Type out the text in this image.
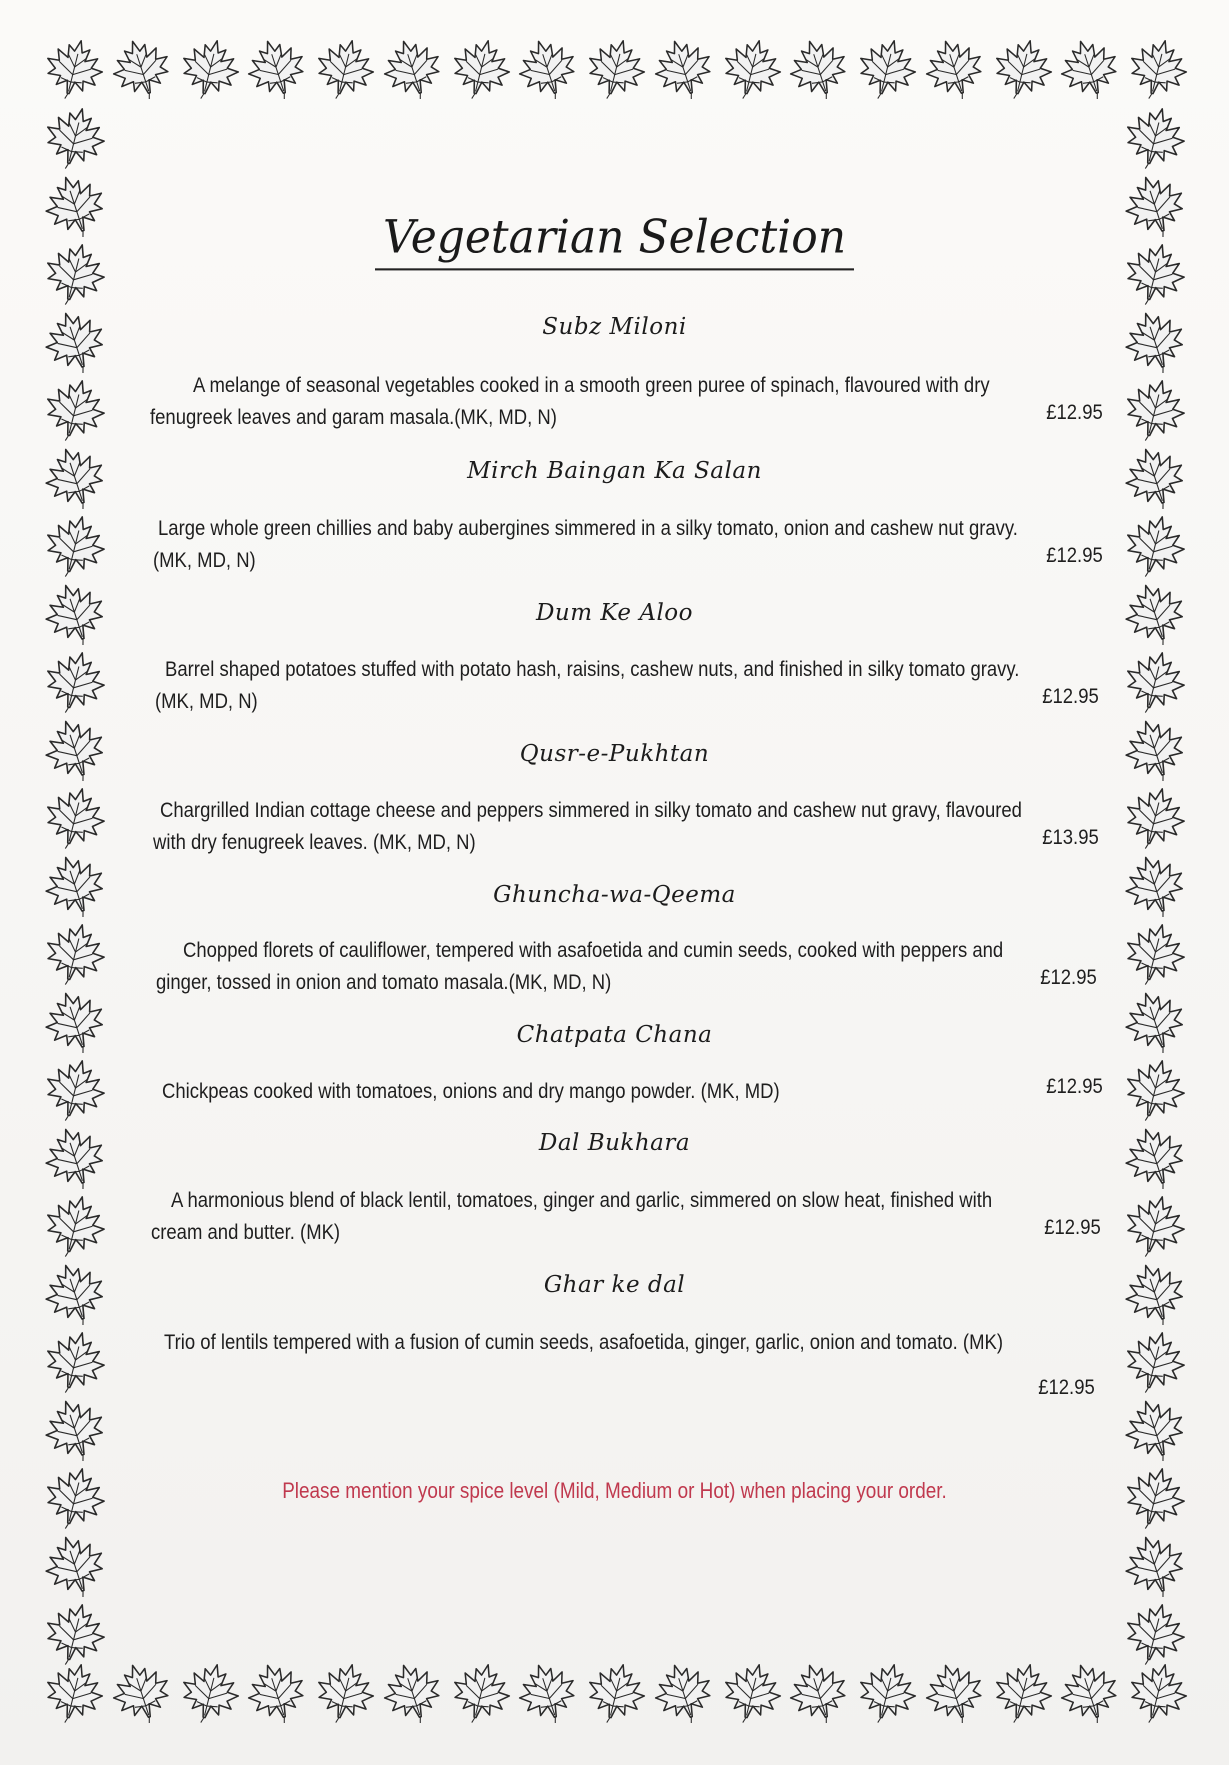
Vegetarian Selection
Subz Miloni
A melange of seasonal vegetables cooked in a smooth green puree of spinach, flavoured with dry
fenugreek leaves and garam masala.(MK, MD, N)	£12.95
Mirch Baingan Ka Salan
Large whole green chillies and baby aubergines simmered in a silky tomato, onion and cashew nut gravy.
(MK, MD, N)	£12.95
Dum Ke Aloo
Barrel shaped potatoes stuffed with potato hash, raisins, cashew nuts, and finished in silky tomato gravy.
(MK, MD, N)	£12.95
Qusr-e-Pukhtan
Chargrilled Indian cottage cheese and peppers simmered in silky tomato and cashew nut gravy, flavoured
with dry fenugreek leaves. (MK, MD, N)	£13.95
Ghuncha-wa-Qeema
Chopped florets of cauliflower, tempered with asafoetida and cumin seeds, cooked with peppers and
ginger, tossed in onion and tomato masala.(MK, MD, N)	£12.95
Chatpata Chana
Chickpeas cooked with tomatoes, onions and dry mango powder. (MK, MD)	£12.95
Dal Bukhara
A harmonious blend of black lentil, tomatoes, ginger and garlic, simmered on slow heat, finished with
cream and butter. (MK)	£12.95
Ghar ke dal
Trio of lentils tempered with a fusion of cumin seeds, asafoetida, ginger, garlic, onion and tomato. (MK)
£12.95
Please mention your spice level (Mild, Medium or Hot) when placing your order.
